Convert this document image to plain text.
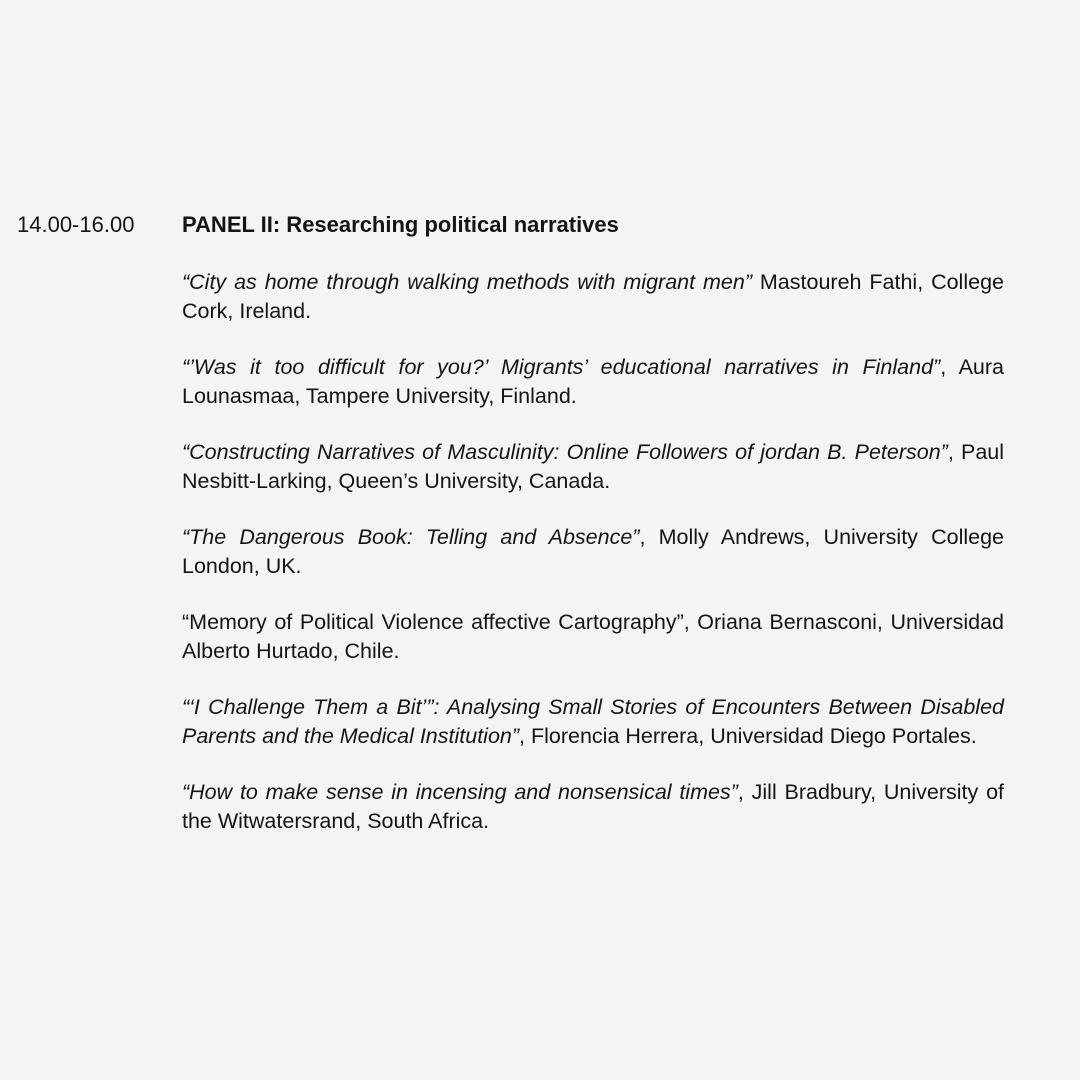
14.00-16.00 PANEL II: Researching political narratives

“City as home through walking methods with migrant men” Mastoureh Fathi, College Cork, Ireland.

“’Was it too difficult for you?’ Migrants’ educational narratives in Finland”, Aura Lounasmaa, Tampere University, Finland.

“Constructing Narratives of Masculinity: Online Followers of jordan B. Peterson”, Paul Nesbitt-Larking, Queen’s University, Canada.

“The Dangerous Book: Telling and Absence”, Molly Andrews, University College London, UK.

“Memory of Political Violence affective Cartography”, Oriana Bernasconi, Universidad Alberto Hurtado, Chile.

“‘I Challenge Them a Bit’”: Analysing Small Stories of Encounters Between Disabled Parents and the Medical Institution”, Florencia Herrera, Universidad Diego Portales.

“How to make sense in incensing and nonsensical times”, Jill Bradbury, University of the Witwatersrand, South Africa.
